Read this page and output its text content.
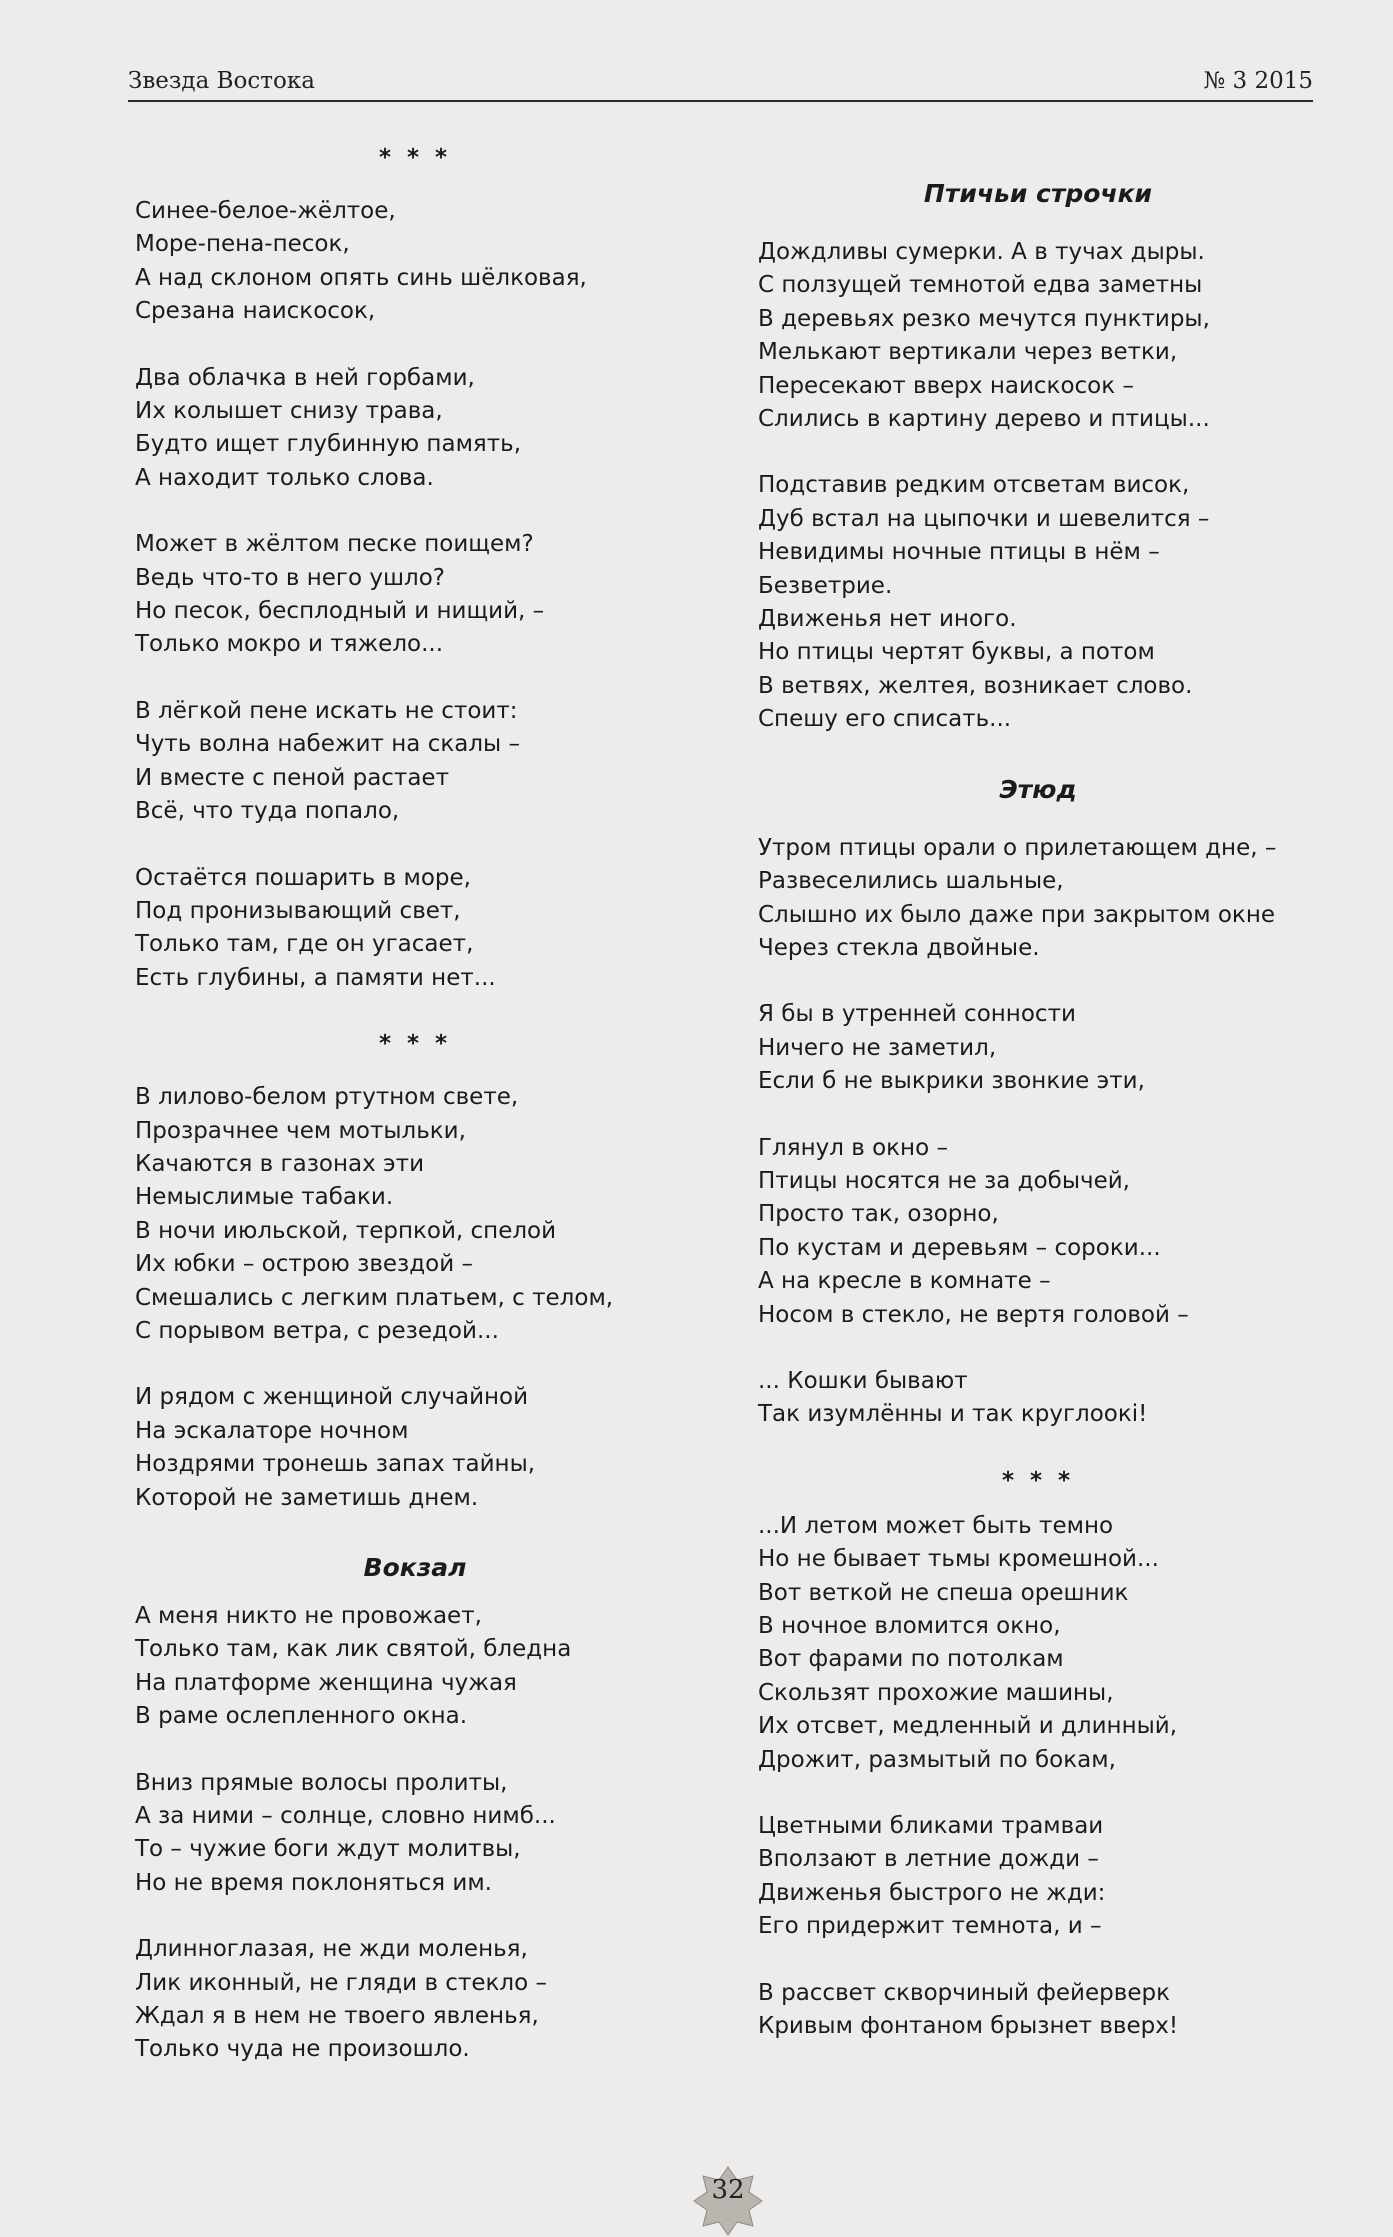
Звезда Востока	№ 3 2015

* * *

Синее-белое-жёлтое,
Море-пена-песок,
А над склоном опять синь шёлковая,
Срезана наискосок,
Два облачка в ней горбами,
Их колышет снизу трава,
Будто ищет глубинную память,
А находит только слова.
Может в жёлтом песке поищем?
Ведь что-то в него ушло?
Но песок, бесплодный и нищий, –
Только мокро и тяжело...
В лёгкой пене искать не стоит:
Чуть волна набежит на скалы –
И вместе с пеной растает
Всё, что туда попало,
Остаётся пошарить в море,
Под пронизывающий свет,
Только там, где он угасает,
Есть глубины, а памяти нет...

* * *

В лилово-белом ртутном свете,
Прозрачнее чем мотыльки,
Качаются в газонах эти
Немыслимые табаки.
В ночи июльской, терпкой, спелой
Их юбки – острою звездой –
Смешались с легким платьем, с телом,
С порывом ветра, с резедой...
И рядом с женщиной случайной
На эскалаторе ночном
Ноздрями тронешь запах тайны,
Которой не заметишь днем.
Вокзал
А меня никто не провожает,
Только там, как лик святой, бледна
На платформе женщина чужая
В раме ослепленного окна.
Вниз прямые волосы пролиты,
А за ними – солнце, словно нимб...
То – чужие боги ждут молитвы,
Но не время поклоняться им.
Длинноглазая, не жди моленья,
Лик иконный, не гляди в стекло –
Ждал я в нем не твоего явленья,
Только чуда не произошло.
Птичьи строчки
Дождливы сумерки. А в тучах дыры.
С ползущей темнотой едва заметны
В деревьях резко мечутся пунктиры,
Мелькают вертикали через ветки,
Пересекают вверх наискосок –
Слились в картину дерево и птицы...
Подставив редким отсветам висок,
Дуб встал на цыпочки и шевелится –
Невидимы ночные птицы в нём –
Безветрие.
Движенья нет иного.
Но птицы чертят буквы, а потом
В ветвях, желтея, возникает слово.
Спешу его списать...
Этюд
Утром птицы орали о прилетающем дне, –
Развеселились шальные,
Слышно их было даже при закрытом окне
Через стекла двойные.
Я бы в утренней сонности
Ничего не заметил,
Если б не выкрики звонкие эти,
Глянул в окно –
Птицы носятся не за добычей,
Просто так, озорно,
По кустам и деревьям – сороки...
А на кресле в комнате –
Носом в стекло, не вертя головой –
... Кошки бывают
Так изумлённы и так круглоокі!

* * *

...И летом может быть темно
Но не бывает тьмы кромешной...
Вот веткой не спеша орешник
В ночное вломится окно,
Вот фарами по потолкам
Скользят прохожие машины,
Их отсвет, медленный и длинный,
Дрожит, размытый по бокам,
Цветными бликами трамваи
Вползают в летние дожди –
Движенья быстрого не жди:
Его придержит темнота, и –
В рассвет скворчиный фейерверк
Кривым фонтаном брызнет вверх!
32
